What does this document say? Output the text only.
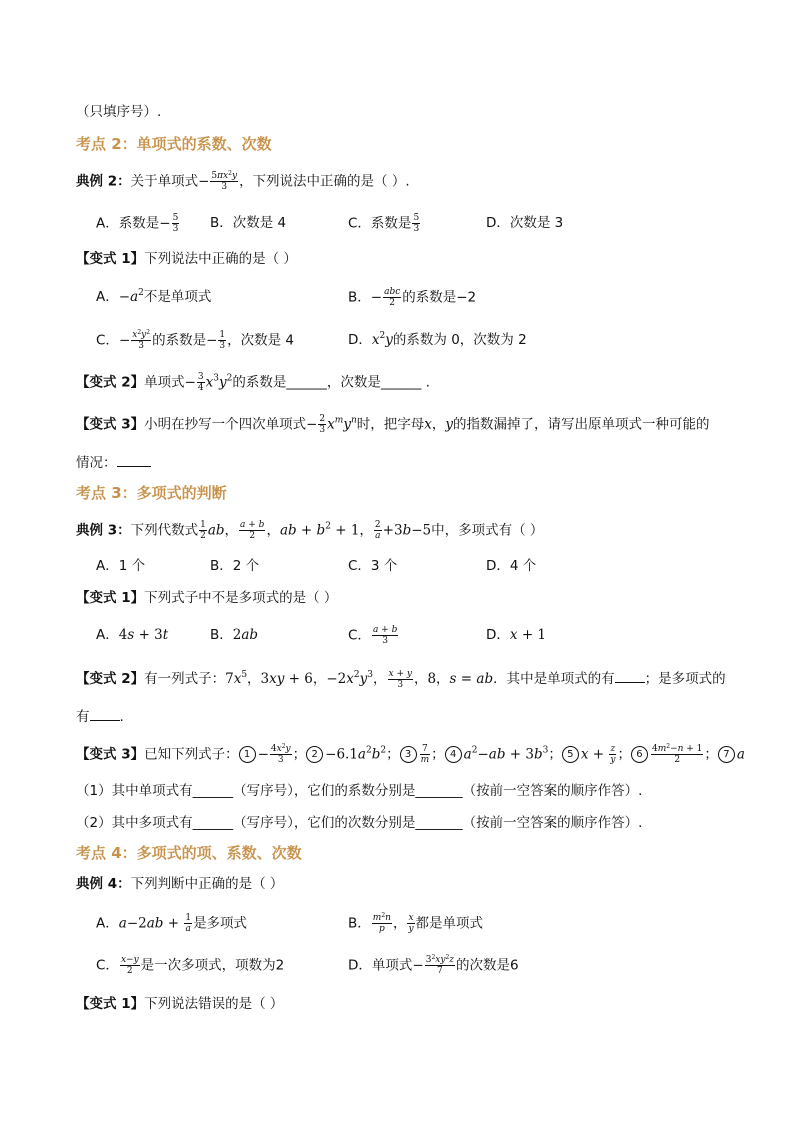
（只填序号）.
考点 2：单项式的系数、次数
典例 2：关于单项式− $\frac{5\pi x^2y}{3}$ ，下列说法中正确的是（ ）.
A．系数是− $\frac{5}{3}$ B．次数是 4	C．系数是 $\frac{5}{3}$	D．次数是 3
【变式 1】下列说法中正确的是（ ）
A．$-a^2$不是单项式	B．− abc
2 的系数是−2
C．− $\frac{x^2y^2}{3}$ 的系数是− $\frac{1}{3}$ ，次数是 4	D．$x^2y$的系数为 0，次数为 2
【变式 2】单项式− $\frac{3}{4} x^3y^2$的系数是______，次数是______ .
【变式 3】小明在抄写一个四次单项式− $\frac{2}{3} x^my^n$时，把字母x，y的指数漏掉了，请写出原单项式一种可能的
情况：
考点 3：多项式的判断
典例 3：下列代数式 $\frac{1}{2}$ ab， $\frac{a + b}{2}$ ，ab + $b^2 + 1$， $\frac{2}{a} +3b-5$中，多项式有（ ）
A．1 个	B．2 个	C．3 个	D．4 个
【变式 1】下列式子中不是多项式的是（ ）
A．4s + 3t	B．2ab	C． $\frac{a + b}{3}$	D．x + 1
【变式 2】有一列式子：$7x^5$，3xy + 6，$-2x^2y^3$， $\frac{x + y}{3}$ ，8，s = ab．其中是单项式的有 ；是多项式的
有 .
【变式 3】已知下列式子： $1 - \frac{4x^2y}{3}$ ； $2 -6.1a^2b^2$； $3 \frac{7}{m}$ ； 4 $a^2-ab + 3b^3$； 5 $x + \frac{z}{y}$ ； $6 \frac{4m^2-n + 1}{2}$ ； 7 a
（1）其中单项式有______（写序号），它们的系数分别是_______（按前一空答案的顺序作答）.
（2）其中多项式有______（写序号），它们的次数分别是_______（按前一空答案的顺序作答）.
考点 4：多项式的项、系数、次数
典例 4：下列判断中正确的是（ ）
A．$a-2ab + \frac{1}{a}$ 是多项式	B． $\frac{m^2n}{p}$ ， $\frac{x}{y}$ 都是单项式
C． $\frac{x-y}{2}$ 是一次多项式，项数为2	D．单项式− $\frac{3^2xy^2z}{7}$ 的次数是6
【变式 1】下列说法错误的是（ ）
